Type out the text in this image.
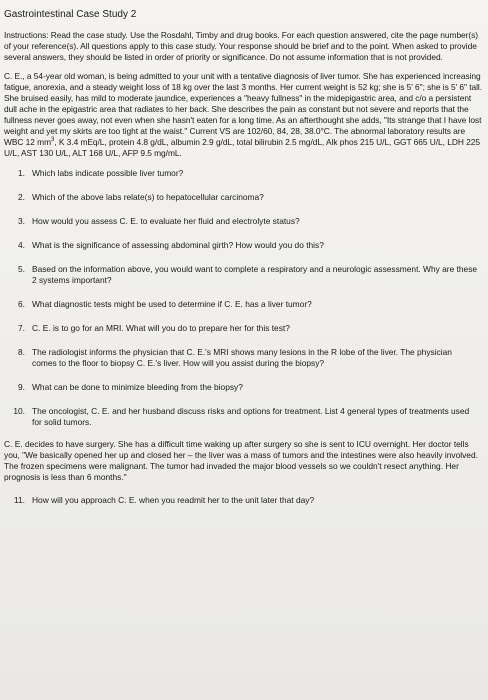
Gastrointestinal Case Study 2

Instructions: Read the case study. Use the Rosdahl, Timby and drug books. For each question answered, cite the page number(s) of your reference(s). All questions apply to this case study. Your response should be brief and to the point. When asked to provide several answers, they should be listed in order of priority or significance. Do not assume information that is not provided.

C. E., a 54-year old woman, is being admitted to your unit with a tentative diagnosis of liver tumor. She has experienced increasing fatigue, anorexia, and a steady weight loss of 18 kg over the last 3 months. Her current weight is 52 kg; she is 5' 6"; she is 5' 6" tall. She bruised easily, has mild to moderate jaundice, experiences a "heavy fullness" in the midepigastric area, and c/o a persistent dull ache in the epigastric area that radiates to her back. She describes the pain as constant but not severe and reports that the fullness never goes away, not even when she hasn't eaten for a long time. As an afterthought she adds, "Its strange that I have lost weight and yet my skirts are too tight at the waist." Current VS are 102/60, 84, 28, 38.0°C. The abnormal laboratory results are WBC 12 $mm^3$, K 3.4 mEq/L, protein 4.8 g/dL, albumin 2.9 g/dL, total bilirubin 2.5 mg/dL, Alk phos 215 U/L, GGT 665 U/L, LDH 225 U/L, AST 130 U/L, ALT 168 U/L, AFP 9.5 mg/mL.

1. Which labs indicate possible liver tumor?
2. Which of the above labs relate(s) to hepatocellular carcinoma?
3. How would you assess C. E. to evaluate her fluid and electrolyte status?
4. What is the significance of assessing abdominal girth? How would you do this?
5. Based on the information above, you would want to complete a respiratory and a neurologic assessment. Why are these 2 systems important?
6. What diagnostic tests might be used to determine if C. E. has a liver tumor?
7. C. E. is to go for an MRI. What will you do to prepare her for this test?
8. The radiologist informs the physician that C. E.'s MRI shows many lesions in the R lobe of the liver. The physician comes to the floor to biopsy C. E.'s liver. How will you assist during the biopsy?
9. What can be done to minimize bleeding from the biopsy?
10. The oncologist, C. E. and her husband discuss risks and options for treatment. List 4 general types of treatments used for solid tumors.

C. E. decides to have surgery. She has a difficult time waking up after surgery so she is sent to ICU overnight. Her doctor tells you, "We basically opened her up and closed her – the liver was a mass of tumors and the intestines were also heavily involved. The frozen specimens were malignant. The tumor had invaded the major blood vessels so we couldn't resect anything. Her prognosis is less than 6 months."

11. How will you approach C. E. when you readmit her to the unit later that day?
